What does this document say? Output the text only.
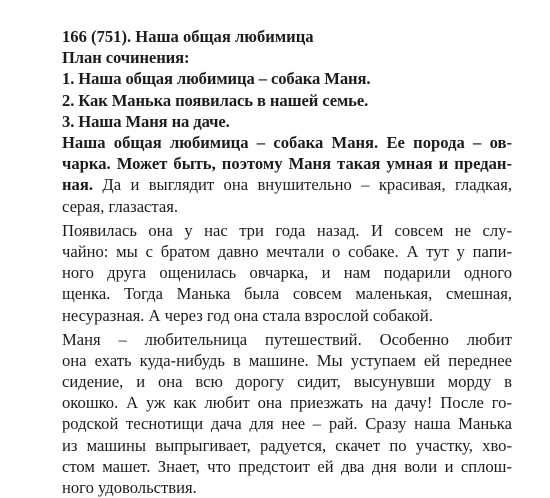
166 (751). Наша общая любимица
План сочинения:
1. Наша общая любимица – собака Маня.
2. Как Манька появилась в нашей семье.
3. Наша Маня на даче.
Наша общая любимица – собака Маня. Ее порода – ов-
чарка. Может быть, поэтому Маня такая умная и предан-
ная. Да и выглядит она внушительно – красивая, гладкая,
серая, глазастая.
Появилась она у нас три года назад. И совсем не слу-
чайно: мы с братом давно мечтали о собаке. А тут у папи-
ного друга ощенилась овчарка, и нам подарили одного
щенка. Тогда Манька была совсем маленькая, смешная,
несуразная. А через год она стала взрослой собакой.
Маня – любительница путешествий. Особенно любит
она ехать куда-нибудь в машине. Мы уступаем ей переднее
сидение, и она всю дорогу сидит, высунувши морду в
окошко. А уж как любит она приезжать на дачу! После го-
родской теснотищи дача для нее – рай. Сразу наша Манька
из машины выпрыгивает, радуется, скачет по участку, хво-
стом машет. Знает, что предстоит ей два дня воли и сплош-
ного удовольствия.
